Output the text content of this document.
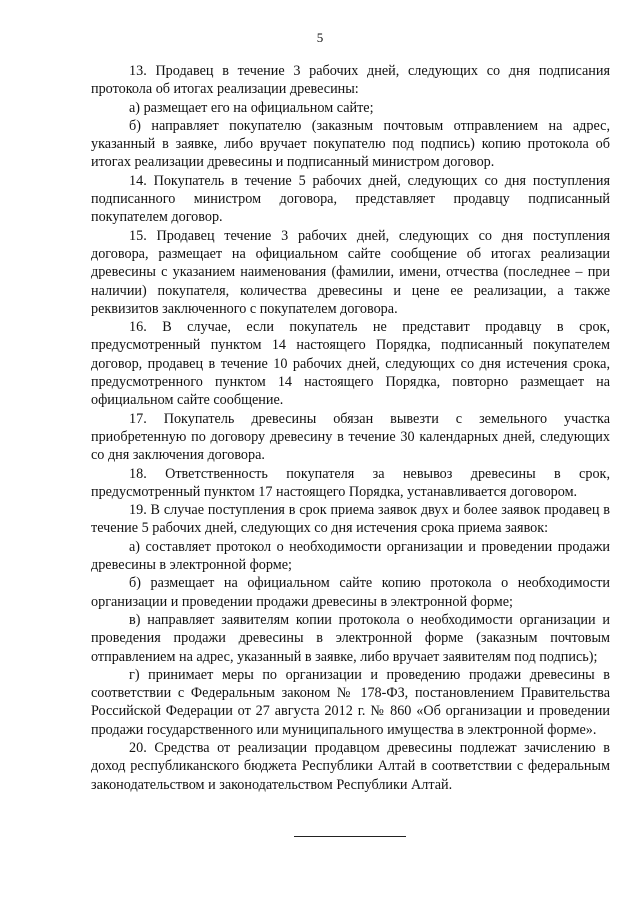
5

13. Продавец в течение 3 рабочих дней, следующих со дня подписания протокола об итогах реализации древесины:

а) размещает его на официальном сайте;

б) направляет покупателю (заказным почтовым отправлением на адрес, указанный в заявке, либо вручает покупателю под подпись) копию протокола об итогах реализации древесины и подписанный министром договор.

14. Покупатель в течение 5 рабочих дней, следующих со дня поступления подписанного министром договора, представляет продавцу подписанный покупателем договор.

15. Продавец течение 3 рабочих дней, следующих со дня поступления договора, размещает на официальном сайте сообщение об итогах реализации древесины с указанием наименования (фамилии, имени, отчества (последнее – при наличии) покупателя, количества древесины и цене ее реализации, а также реквизитов заключенного с покупателем договора.

16. В случае, если покупатель не представит продавцу в срок, предусмотренный пунктом 14 настоящего Порядка, подписанный покупателем договор, продавец в течение 10 рабочих дней, следующих со дня истечения срока, предусмотренного пунктом 14 настоящего Порядка, повторно размещает на официальном сайте сообщение.

17. Покупатель древесины обязан вывезти с земельного участка приобретенную по договору древесину в течение 30 календарных дней, следующих со дня заключения договора.

18. Ответственность покупателя за невывоз древесины в срок, предусмотренный пунктом 17 настоящего Порядка, устанавливается договором.

19. В случае поступления в срок приема заявок двух и более заявок продавец в течение 5 рабочих дней, следующих со дня истечения срока приема заявок:

а) составляет протокол о необходимости организации и проведении продажи древесины в электронной форме;

б) размещает на официальном сайте копию протокола о необходимости организации и проведении продажи древесины в электронной форме;

в) направляет заявителям копии протокола о необходимости организации и проведения продажи древесины в электронной форме (заказным почтовым отправлением на адрес, указанный в заявке, либо вручает заявителям под подпись);

г) принимает меры по организации и проведению продажи древесины в соответствии с Федеральным законом № 178-ФЗ, постановлением Правительства Российской Федерации от 27 августа 2012 г. № 860 «Об организации и проведении продажи государственного или муниципального имущества в электронной форме».

20. Средства от реализации продавцом древесины подлежат зачислению в доход республиканского бюджета Республики Алтай в соответствии с федеральным законодательством и законодательством Республики Алтай.
